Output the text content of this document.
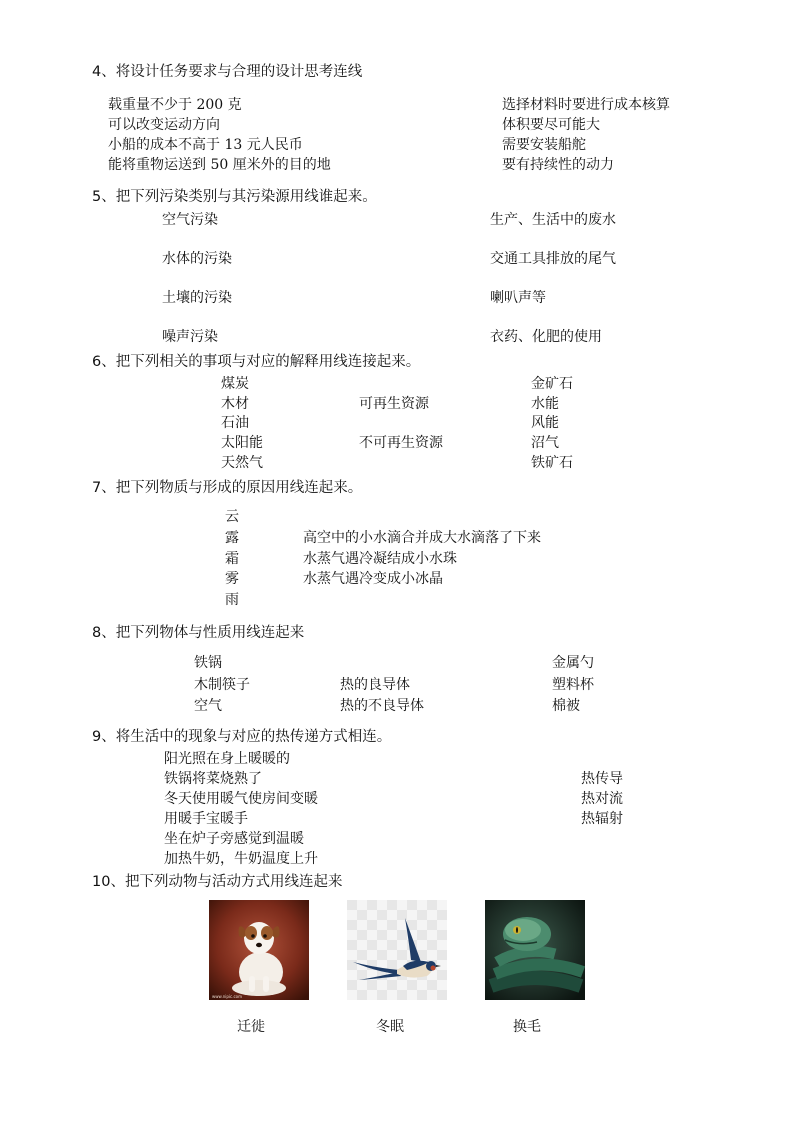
4、将设计任务要求与合理的设计思考连线
载重量不少于 200 克
可以改变运动方向
小船的成本不高于 13 元人民币
能将重物运送到 50 厘米外的目的地
选择材料时要进行成本核算
体积要尽可能大
需要安装船舵
要有持续性的动力
5、把下列污染类别与其污染源用线谁起来。
空气污染
水体的污染
土壤的污染
噪声污染
生产、生活中的废水
交通工具排放的尾气
喇叭声等
衣药、化肥的使用
6、把下列相关的事项与对应的解释用线连接起来。
煤炭
木材
石油
太阳能
天然气
可再生资源
不可再生资源
金矿石
水能
风能
沼气
铁矿石
7、把下列物质与形成的原因用线连起来。
云
露
霜
雾
雨
高空中的小水滴合并成大水滴落了下来
水蒸气遇冷凝结成小水珠
水蒸气遇冷变成小冰晶
8、把下列物体与性质用线连起来
铁锅
木制筷子
空气
热的良导体
热的不良导体
金属勺
塑料杯
棉被
9、将生活中的现象与对应的热传递方式相连。
阳光照在身上暖暖的
铁锅将菜烧熟了
冬天使用暖气使房间变暖
用暖手宝暖手
坐在炉子旁感觉到温暖
加热牛奶，牛奶温度上升
热传导
热对流
热辐射
10、把下列动物与活动方式用线连起来
www.nipic.com
迁徙	冬眠	换毛
